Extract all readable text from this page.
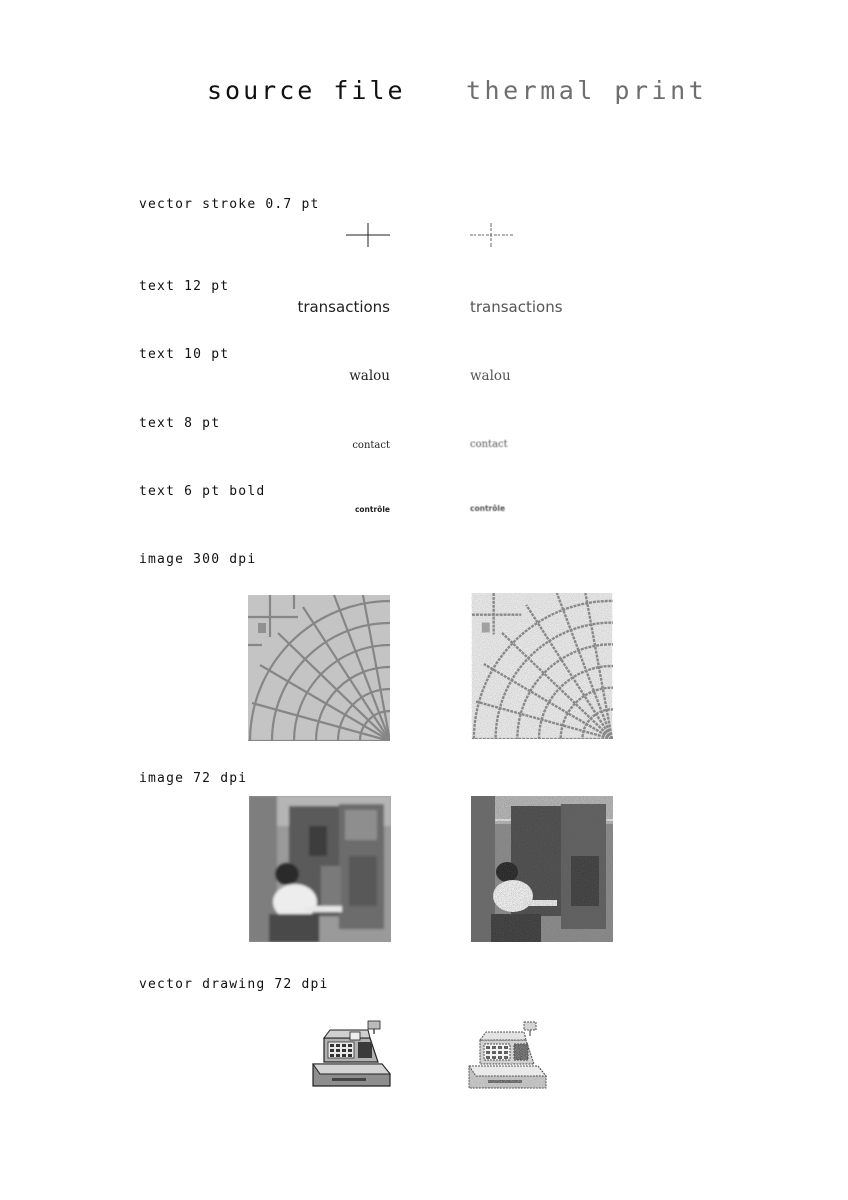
source file thermal print
vector stroke 0.7 pt
text 12 pt
transactions	transactions
text 10 pt
walou	walou
text 8 pt
contact	contact
text 6 pt bold
contrôle	contrôle
image 300 dpi
image 72 dpi
vector drawing 72 dpi
